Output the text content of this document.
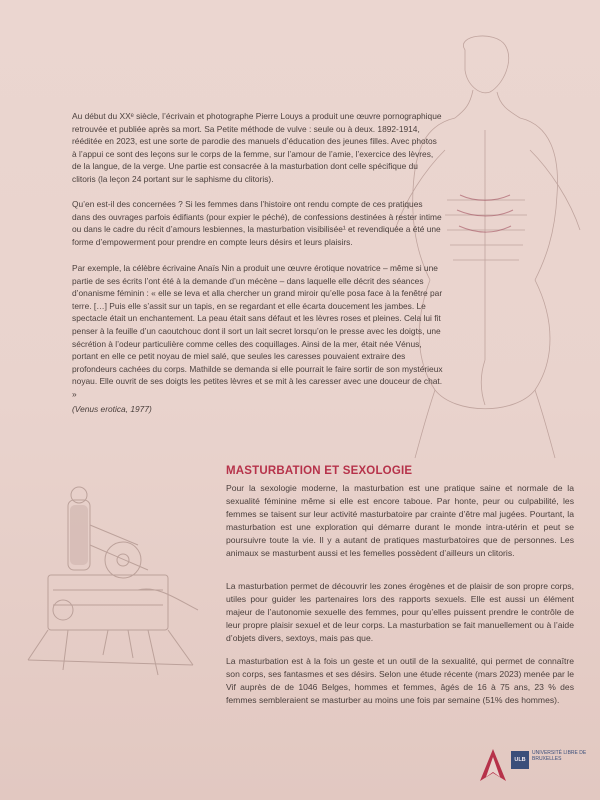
Au début du XXᵉ siècle, l’écrivain et photographe Pierre Louys a produit une œuvre pornographique retrouvée et publiée après sa mort. Sa Petite méthode de vulve : seule ou à deux. 1892-1914, rééditée en 2023, est une sorte de parodie des manuels d’éducation des jeunes filles. Avec photos à l’appui ce sont des leçons sur le corps de la femme, sur l’amour de l’amie, l’exercice des lèvres, de la langue, de la verge. Une partie est consacrée à la masturbation dont celle spécifique du clitoris (la leçon 24 portant sur le saphisme du clitoris).

Qu’en est-il des concernées ? Si les femmes dans l’histoire ont rendu compte de ces pratiques dans des ouvrages parfois édifiants (pour expier le péché), de confessions destinées à rester intime ou dans le cadre du récit d’amours lesbiennes, la masturbation visibilisée¹ et revendiquée a été une forme d’empowerment pour prendre en compte leurs désirs et leurs plaisirs.

Par exemple, la célèbre écrivaine Anaïs Nin a produit une œuvre érotique novatrice – même si une partie de ses écrits l’ont été à la demande d’un mécène – dans laquelle elle décrit des séances d’onanisme féminin : « elle se leva et alla chercher un grand miroir qu’elle posa face à la fenêtre par terre. […] Puis elle s’assit sur un tapis, en se regardant et elle écarta doucement les jambes. Le spectacle était un enchantement. La peau était sans défaut et les lèvres roses et pleines. Cela lui fit penser à la feuille d’un caoutchouc dont il sort un lait secret lorsqu’on le presse avec les doigts, une sécrétion à l’odeur particulière comme celles des coquillages. Ainsi de la mer, était née Vénus, portant en elle ce petit noyau de miel salé, que seules les caresses pouvaient extraire des profondeurs cachées du corps. Mathilde se demanda si elle pourrait le faire sortir de son mystérieux noyau. Elle ouvrit de ses doigts les petites lèvres et se mit à les caresser avec une douceur de chat. »

(Venus erotica, 1977)

MASTURBATION ET SEXOLOGIE

Pour la sexologie moderne, la masturbation est une pratique saine et normale de la sexualité féminine même si elle est encore taboue. Par honte, peur ou culpabilité, les femmes se taisent sur leur activité masturbatoire par crainte d’être mal jugées. Pourtant, la masturbation est une exploration qui démarre durant le monde intra-utérin et peut se poursuivre toute la vie. Il y a autant de pratiques masturbatoires que de personnes. Les animaux se masturbent aussi et les femelles possèdent d’ailleurs un clitoris.

La masturbation permet de découvrir les zones érogènes et de plaisir de son propre corps, utiles pour guider les partenaires lors des rapports sexuels. Elle est aussi un élément majeur de l’autonomie sexuelle des femmes, pour qu’elles puissent prendre le contrôle de leur propre plaisir sexuel et de leur corps. La masturbation se fait manuellement ou à l’aide d’objets divers, sextoys, mais pas que.

La masturbation est à la fois un geste et un outil de la sexualité, qui permet de connaître son corps, ses fantasmes et ses désirs. Selon une étude récente (mars 2023) menée par le Vif auprès de de 1046 Belges, hommes et femmes, âgés de 16 à 75 ans, 23 % des femmes sembleraient se masturber au moins une fois par semaine (51% des hommes).

ULB
UNIVERSITÉ LIBRE DE BRUXELLES
